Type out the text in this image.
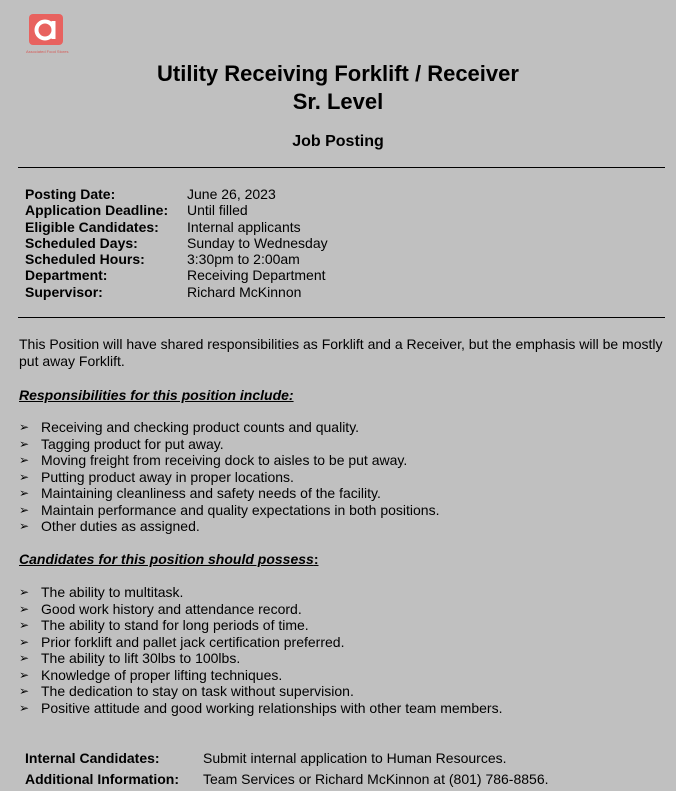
Associated Food Stores
Utility Receiving Forklift / Receiver
Sr. Level
Job Posting
Posting Date:	June 26, 2023
Application Deadline:	Until filled
Eligible Candidates:	Internal applicants
Scheduled Days:	Sunday to Wednesday
Scheduled Hours:	3:30pm to 2:00am
Department:	Receiving Department
Supervisor:	Richard McKinnon
This Position will have shared responsibilities as Forklift and a Receiver, but the emphasis will be mostly put away Forklift.
Responsibilities for this position include:
➢ Receiving and checking product counts and quality.
➢ Tagging product for put away.
➢ Moving freight from receiving dock to aisles to be put away.
➢ Putting product away in proper locations.
➢ Maintaining cleanliness and safety needs of the facility.
➢ Maintain performance and quality expectations in both positions.
➢ Other duties as assigned.
Candidates for this position should possess:
➢ The ability to multitask.
➢ Good work history and attendance record.
➢ The ability to stand for long periods of time.
➢ Prior forklift and pallet jack certification preferred.
➢ The ability to lift 30lbs to 100lbs.
➢ Knowledge of proper lifting techniques.
➢ The dedication to stay on task without supervision.
➢ Positive attitude and good working relationships with other team members.
Internal Candidates:	Submit internal application to Human Resources.
Additional Information:	Team Services or Richard McKinnon at (801) 786-8856.
